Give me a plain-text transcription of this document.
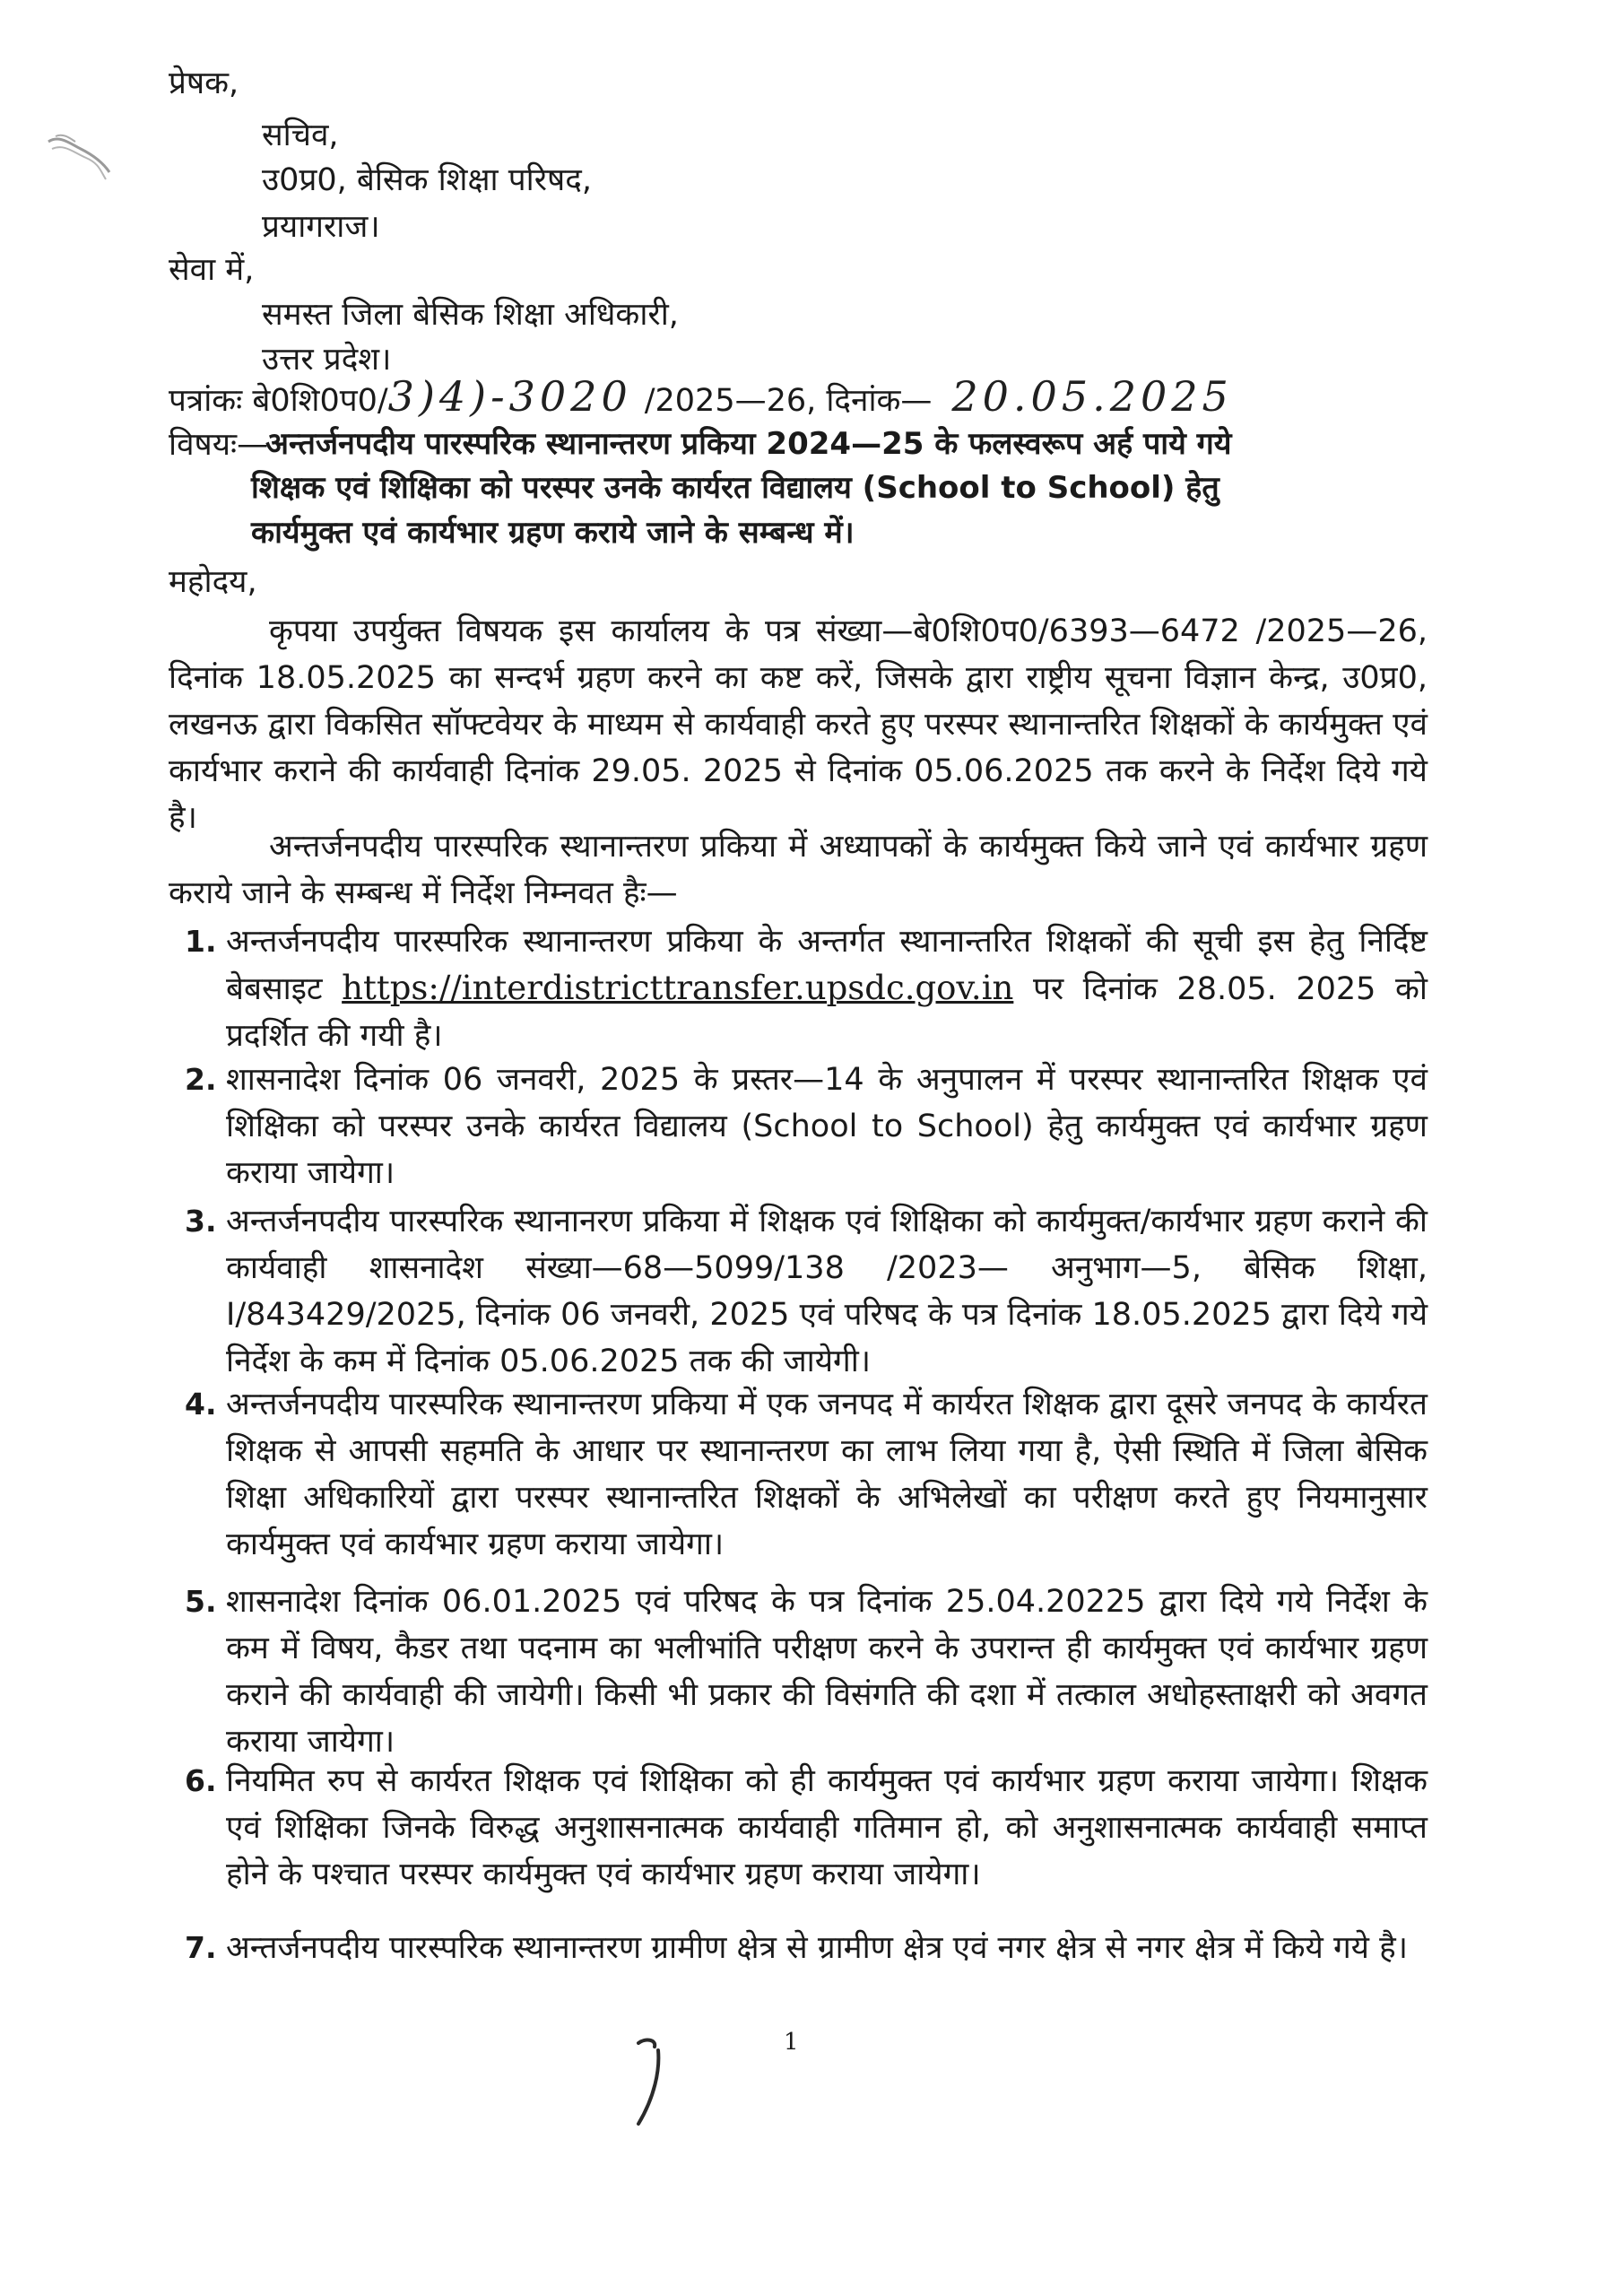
प्रेषक,
सचिव,
उ0प्र0, बेसिक शिक्षा परिषद,
प्रयागराज।
सेवा में,
समस्त जिला बेसिक शिक्षा अधिकारी,
उत्तर प्रदेश।
पत्रांकः बे0शि0प0/3)4)-3020 /2025—26, दिनांक— 20.05.2025
विषयः—
अन्तर्जनपदीय पारस्परिक स्थानान्तरण प्रकिया 2024—25 के फलस्वरूप अर्ह पाये गये
शिक्षक एवं शिक्षिका को परस्पर उनके कार्यरत विद्यालय (School to School) हेतु
कार्यमुक्त एवं कार्यभार ग्रहण कराये जाने के सम्बन्ध में।
महोदय,
कृपया उपर्युक्त विषयक इस कार्यालय के पत्र संख्या—बे0शि0प0/6393—6472 /2025—26, दिनांक 18.05.2025 का सन्दर्भ ग्रहण करने का कष्ट करें, जिसके द्वारा राष्ट्रीय सूचना विज्ञान केन्द्र, उ0प्र0, लखनऊ द्वारा विकसित सॉफ्टवेयर के माध्यम से कार्यवाही करते हुए परस्पर स्थानान्तरित शिक्षकों के कार्यमुक्त एवं कार्यभार कराने की कार्यवाही दिनांक 29.05. 2025 से दिनांक 05.06.2025 तक करने के निर्देश दिये गये है।
अन्तर्जनपदीय पारस्परिक स्थानान्तरण प्रकिया में अध्यापकों के कार्यमुक्त किये जाने एवं कार्यभार ग्रहण कराये जाने के सम्बन्ध में निर्देश निम्नवत हैः—
1. अन्तर्जनपदीय पारस्परिक स्थानान्तरण प्रकिया के अन्तर्गत स्थानान्तरित शिक्षकों की सूची इस हेतु निर्दिष्ट बेबसाइट https://interdistricttransfer.upsdc.gov.in पर दिनांक 28.05. 2025 को प्रदर्शित की गयी है।
2. शासनादेश दिनांक 06 जनवरी, 2025 के प्रस्तर—14 के अनुपालन में परस्पर स्थानान्तरित शिक्षक एवं शिक्षिका को परस्पर उनके कार्यरत विद्यालय (School to School) हेतु कार्यमुक्त एवं कार्यभार ग्रहण कराया जायेगा।
3. अन्तर्जनपदीय पारस्परिक स्थानानरण प्रकिया में शिक्षक एवं शिक्षिका को कार्यमुक्त/कार्यभार ग्रहण कराने की कार्यवाही शासनादेश संख्या—68—5099/138 /2023— अनुभाग—5, बेसिक शिक्षा, I/843429/2025, दिनांक 06 जनवरी, 2025 एवं परिषद के पत्र दिनांक 18.05.2025 द्वारा दिये गये निर्देश के कम में दिनांक 05.06.2025 तक की जायेगी।
4. अन्तर्जनपदीय पारस्परिक स्थानान्तरण प्रकिया में एक जनपद में कार्यरत शिक्षक द्वारा दूसरे जनपद के कार्यरत शिक्षक से आपसी सहमति के आधार पर स्थानान्तरण का लाभ लिया गया है, ऐसी स्थिति में जिला बेसिक शिक्षा अधिकारियों द्वारा परस्पर स्थानान्तरित शिक्षकों के अभिलेखों का परीक्षण करते हुए नियमानुसार कार्यमुक्त एवं कार्यभार ग्रहण कराया जायेगा।
5. शासनादेश दिनांक 06.01.2025 एवं परिषद के पत्र दिनांक 25.04.20225 द्वारा दिये गये निर्देश के कम में विषय, कैडर तथा पदनाम का भलीभांति परीक्षण करने के उपरान्त ही कार्यमुक्त एवं कार्यभार ग्रहण कराने की कार्यवाही की जायेगी। किसी भी प्रकार की विसंगति की दशा में तत्काल अधोहस्ताक्षरी को अवगत कराया जायेगा।
6. नियमित रुप से कार्यरत शिक्षक एवं शिक्षिका को ही कार्यमुक्त एवं कार्यभार ग्रहण कराया जायेगा। शिक्षक एवं शिक्षिका जिनके विरुद्ध अनुशासनात्मक कार्यवाही गतिमान हो, को अनुशासनात्मक कार्यवाही समाप्त होने के पश्चात परस्पर कार्यमुक्त एवं कार्यभार ग्रहण कराया जायेगा।
7. अन्तर्जनपदीय पारस्परिक स्थानान्तरण ग्रामीण क्षेत्र से ग्रामीण क्षेत्र एवं नगर क्षेत्र से नगर क्षेत्र में किये गये है।
1
